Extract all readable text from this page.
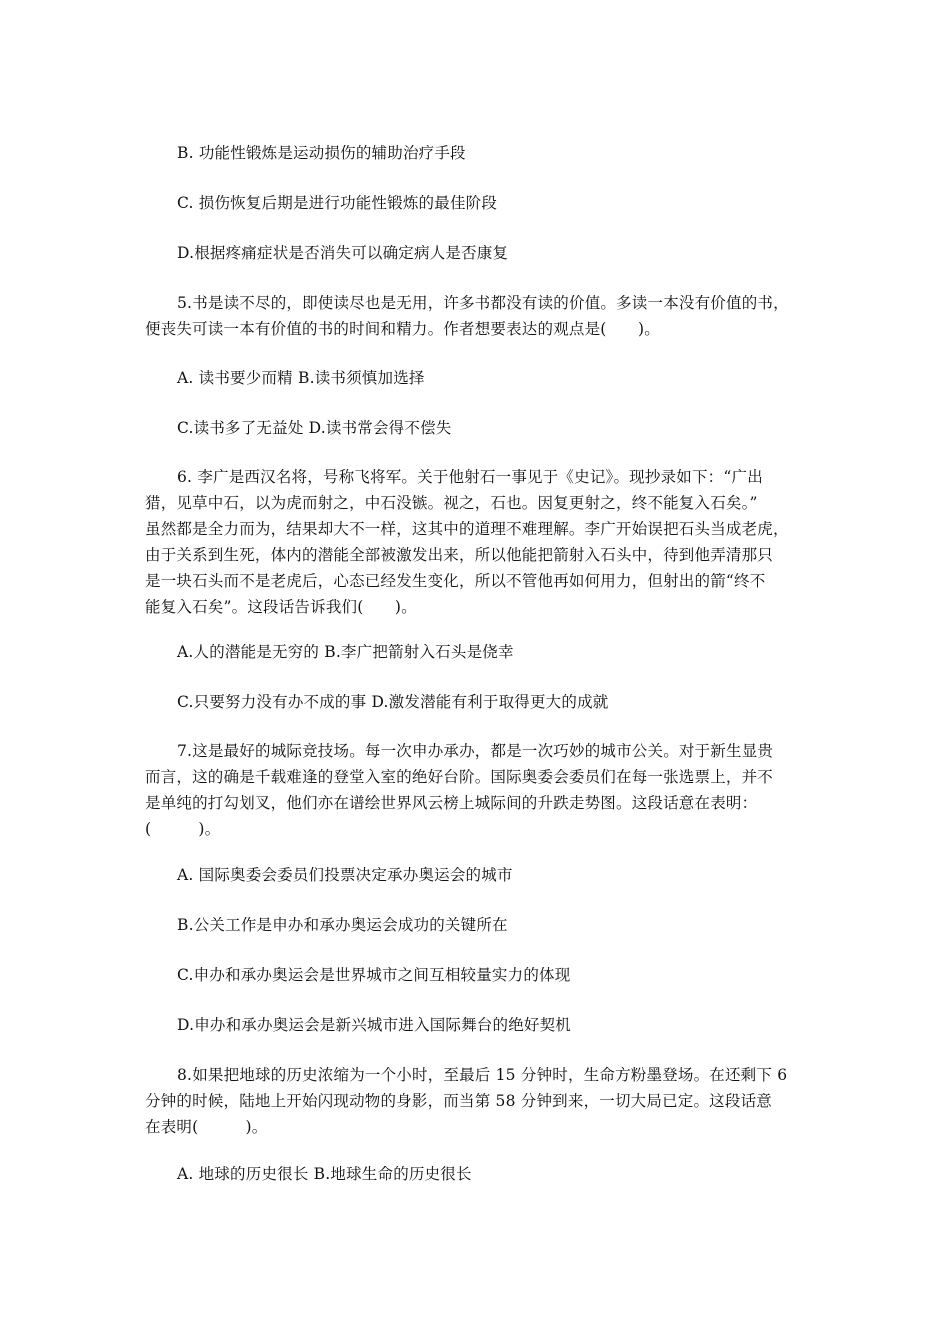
B. 功能性锻炼是运动损伤的辅助治疗手段
C. 损伤恢复后期是进行功能性锻炼的最佳阶段
D.根据疼痛症状是否消失可以确定病人是否康复
5.书是读不尽的，即使读尽也是无用，许多书都没有读的价值。多读一本没有价值的书，
便丧失可读一本有价值的书的时间和精力。作者想要表达的观点是(　　)。
A. 读书要少而精 B.读书须慎加选择
C.读书多了无益处 D.读书常会得不偿失
6. 李广是西汉名将，号称飞将军。关于他射石一事见于《史记》。现抄录如下：“广出
猎，见草中石，以为虎而射之，中石没镞。视之，石也。因复更射之，终不能复入石矣。”
虽然都是全力而为，结果却大不一样，这其中的道理不难理解。李广开始误把石头当成老虎，
由于关系到生死，体内的潜能全部被激发出来，所以他能把箭射入石头中，待到他弄清那只
是一块石头而不是老虎后，心态已经发生变化，所以不管他再如何用力，但射出的箭“终不
能复入石矣”。这段话告诉我们(　　)。
A.人的潜能是无穷的 B.李广把箭射入石头是侥幸
C.只要努力没有办不成的事 D.激发潜能有利于取得更大的成就
7.这是最好的城际竞技场。每一次申办承办，都是一次巧妙的城市公关。对于新生显贵
而言，这的确是千载难逢的登堂入室的绝好台阶。国际奥委会委员们在每一张选票上，并不
是单纯的打勾划叉，他们亦在谱绘世界风云榜上城际间的升跌走势图。这段话意在表明：
(　　　)。
A. 国际奥委会委员们投票决定承办奥运会的城市
B.公关工作是申办和承办奥运会成功的关键所在
C.申办和承办奥运会是世界城市之间互相较量实力的体现
D.申办和承办奥运会是新兴城市进入国际舞台的绝好契机
8.如果把地球的历史浓缩为一个小时，至最后 15 分钟时，生命方粉墨登场。在还剩下 6
分钟的时候，陆地上开始闪现动物的身影，而当第 58 分钟到来，一切大局已定。这段话意
在表明(　　　)。
A. 地球的历史很长 B.地球生命的历史很长
